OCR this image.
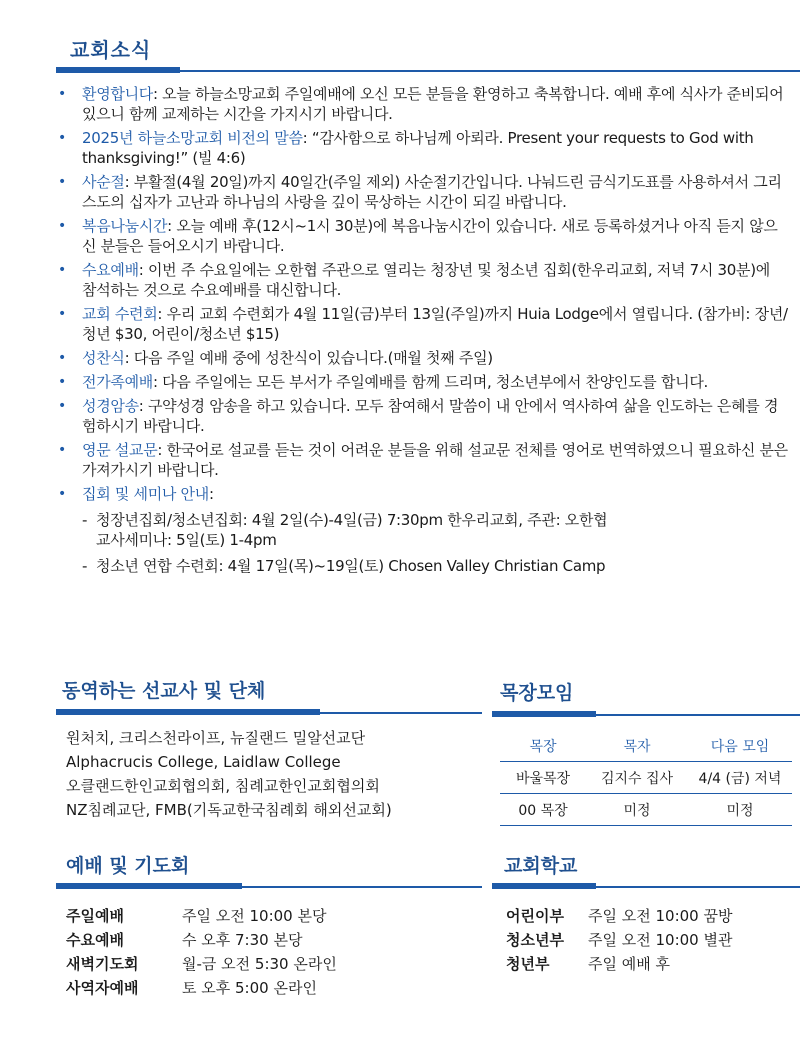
교회소식
• 환영합니다: 오늘 하늘소망교회 주일예배에 오신 모든 분들을 환영하고 축복합니다. 예배 후에 식사가 준비되어 있으니 함께 교제하는 시간을 가지시기 바랍니다.
• 2025년 하늘소망교회 비전의 말씀: “감사함으로 하나님께 아뢰라. Present your requests to God with thanksgiving!” (빌 4:6)
• 사순절: 부활절(4월 20일)까지 40일간(주일 제외) 사순절기간입니다. 나눠드린 금식기도표를 사용하셔서 그리스도의 십자가 고난과 하나님의 사랑을 깊이 묵상하는 시간이 되길 바랍니다.
• 복음나눔시간: 오늘 예배 후(12시~1시 30분)에 복음나눔시간이 있습니다. 새로 등록하셨거나 아직 듣지 않으신 분들은 들어오시기 바랍니다.
• 수요예배: 이번 주 수요일에는 오한협 주관으로 열리는 청장년 및 청소년 집회(한우리교회, 저녁 7시 30분)에 참석하는 것으로 수요예배를 대신합니다.
• 교회 수련회: 우리 교회 수련회가 4월 11일(금)부터 13일(주일)까지 Huia Lodge에서 열립니다. (참가비: 장년/청년 $30, 어린이/청소년 $15)
• 성찬식: 다음 주일 예배 중에 성찬식이 있습니다.(매월 첫째 주일)
• 전가족예배: 다음 주일에는 모든 부서가 주일예배를 함께 드리며, 청소년부에서 찬양인도를 합니다.
• 성경암송: 구약성경 암송을 하고 있습니다. 모두 참여해서 말씀이 내 안에서 역사하여 삶을 인도하는 은혜를 경험하시기 바랍니다.
• 영문 설교문: 한국어로 설교를 듣는 것이 어려운 분들을 위해 설교문 전체를 영어로 번역하였으니 필요하신 분은 가져가시기 바랍니다.
• 집회 및 세미나 안내:
- 청장년집회/청소년집회: 4월 2일(수)-4일(금) 7:30pm 한우리교회, 주관: 오한협
교사세미나: 5일(토) 1-4pm
- 청소년 연합 수련회: 4월 17일(목)~19일(토) Chosen Valley Christian Camp
동역하는 선교사 및 단체
원처치, 크리스천라이프, 뉴질랜드 밀알선교단
Alphacrucis College, Laidlaw College
오클랜드한인교회협의회, 침례교한인교회협의회
NZ침례교단, FMB(기독교한국침례회 해외선교회)
목장모임
목장	목자	다음 모임
바울목장	김지수 집사	4/4 (금) 저녁
00 목장	미정	미정
예배 및 기도회
주일예배	주일 오전 10:00 본당
수요예배	수 오후 7:30 본당
새벽기도회	월-금 오전 5:30 온라인
사역자예배	토 오후 5:00 온라인
교회학교
어린이부	주일 오전 10:00 꿈방
청소년부	주일 오전 10:00 별관
청년부	주일 예배 후
